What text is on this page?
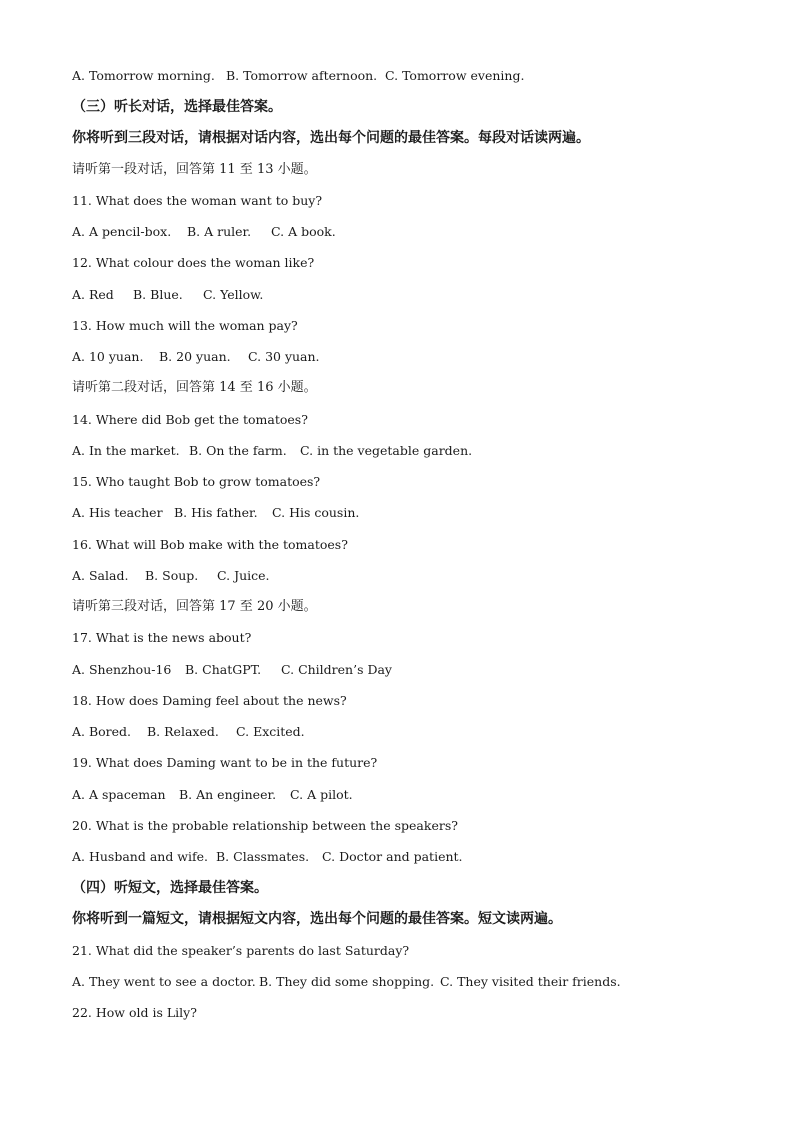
A. Tomorrow morning. B. Tomorrow afternoon. C. Tomorrow evening.
（三）听长对话，选择最佳答案。
你将听到三段对话，请根据对话内容，选出每个问题的最佳答案。每段对话读两遍。
请听第一段对话，回答第 11 至 13 小题。
11. What does the woman want to buy?
A. A pencil-box. B. A ruler. C. A book.
12. What colour does the woman like?
A. Red B. Blue. C. Yellow.
13. How much will the woman pay?
A. 10 yuan. B. 20 yuan. C. 30 yuan.
请听第二段对话，回答第 14 至 16 小题。
14. Where did Bob get the tomatoes?
A. In the market. B. On the farm. C. in the vegetable garden.
15. Who taught Bob to grow tomatoes?
A. His teacher B. His father. C. His cousin.
16. What will Bob make with the tomatoes?
A. Salad. B. Soup. C. Juice.
请听第三段对话，回答第 17 至 20 小题。
17. What is the news about?
A. Shenzhou-16 B. ChatGPT. C. Children’s Day
18. How does Daming feel about the news?
A. Bored. B. Relaxed. C. Excited.
19. What does Daming want to be in the future?
A. A spaceman B. An engineer. C. A pilot.
20. What is the probable relationship between the speakers?
A. Husband and wife. B. Classmates. C. Doctor and patient.
（四）听短文，选择最佳答案。
你将听到一篇短文，请根据短文内容，选出每个问题的最佳答案。短文读两遍。
21. What did the speaker’s parents do last Saturday?
A. They went to see a doctor. B. They did some shopping. C. They visited their friends.
22. How old is Lily?
